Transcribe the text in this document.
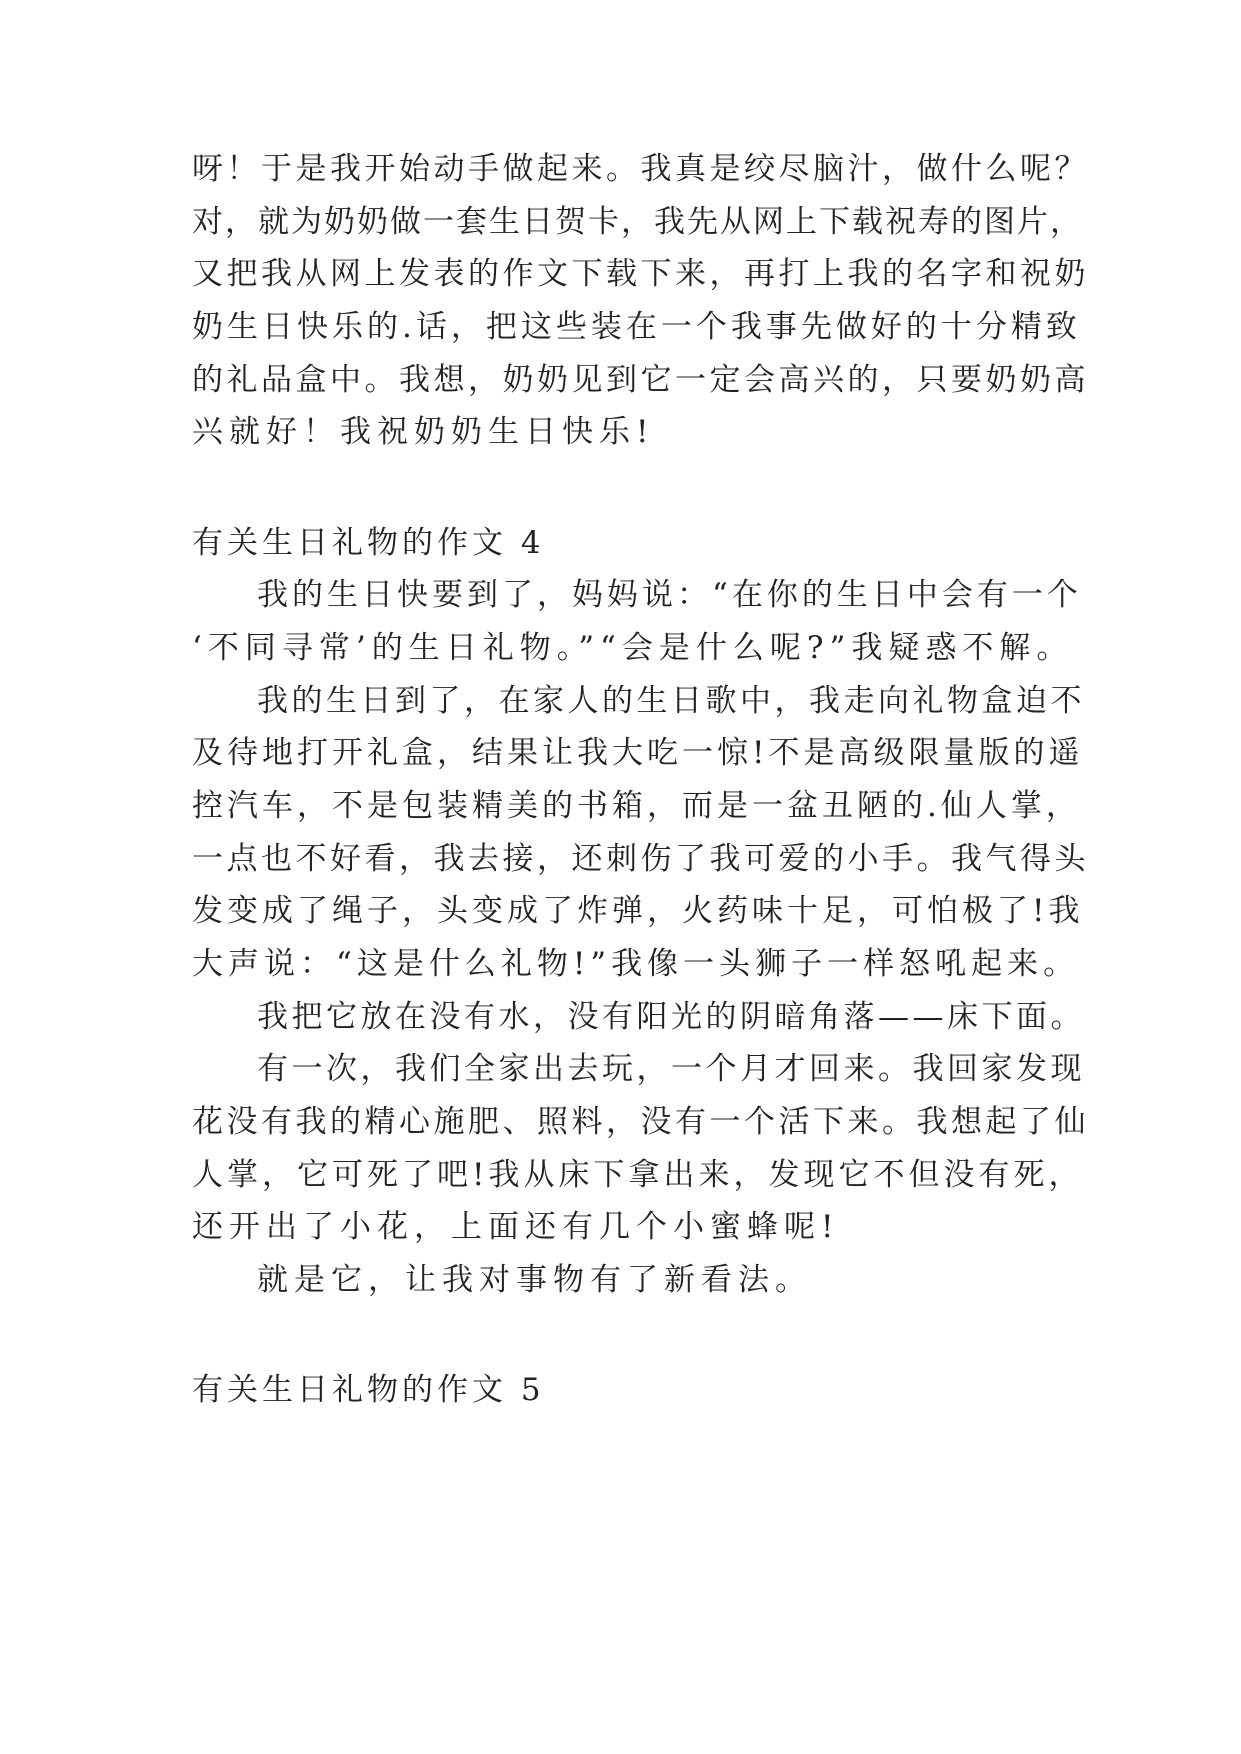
呀！于是我开始动手做起来。我真是绞尽脑汁，做什么呢？
对，就为奶奶做一套生日贺卡，我先从网上下载祝寿的图片，
又把我从网上发表的作文下载下来，再打上我的名字和祝奶
奶生日快乐的.话，把这些装在一个我事先做好的十分精致
的礼品盒中。我想，奶奶见到它一定会高兴的，只要奶奶高
兴就好！我祝奶奶生日快乐!
有关生日礼物的作文 4
我的生日快要到了，妈妈说：“在你的生日中会有一个
‘不同寻常’的生日礼物。”“会是什么呢?”我疑惑不解。
我的生日到了，在家人的生日歌中，我走向礼物盒迫不
及待地打开礼盒，结果让我大吃一惊!不是高级限量版的遥
控汽车，不是包装精美的书箱，而是一盆丑陋的.仙人掌，
一点也不好看，我去接，还刺伤了我可爱的小手。我气得头
发变成了绳子，头变成了炸弹，火药味十足，可怕极了!我
大声说：“这是什么礼物!”我像一头狮子一样怒吼起来。
我把它放在没有水，没有阳光的阴暗角落——床下面。
有一次，我们全家出去玩，一个月才回来。我回家发现
花没有我的精心施肥、照料，没有一个活下来。我想起了仙
人掌，它可死了吧!我从床下拿出来，发现它不但没有死，
还开出了小花，上面还有几个小蜜蜂呢!
就是它，让我对事物有了新看法。
有关生日礼物的作文 5
